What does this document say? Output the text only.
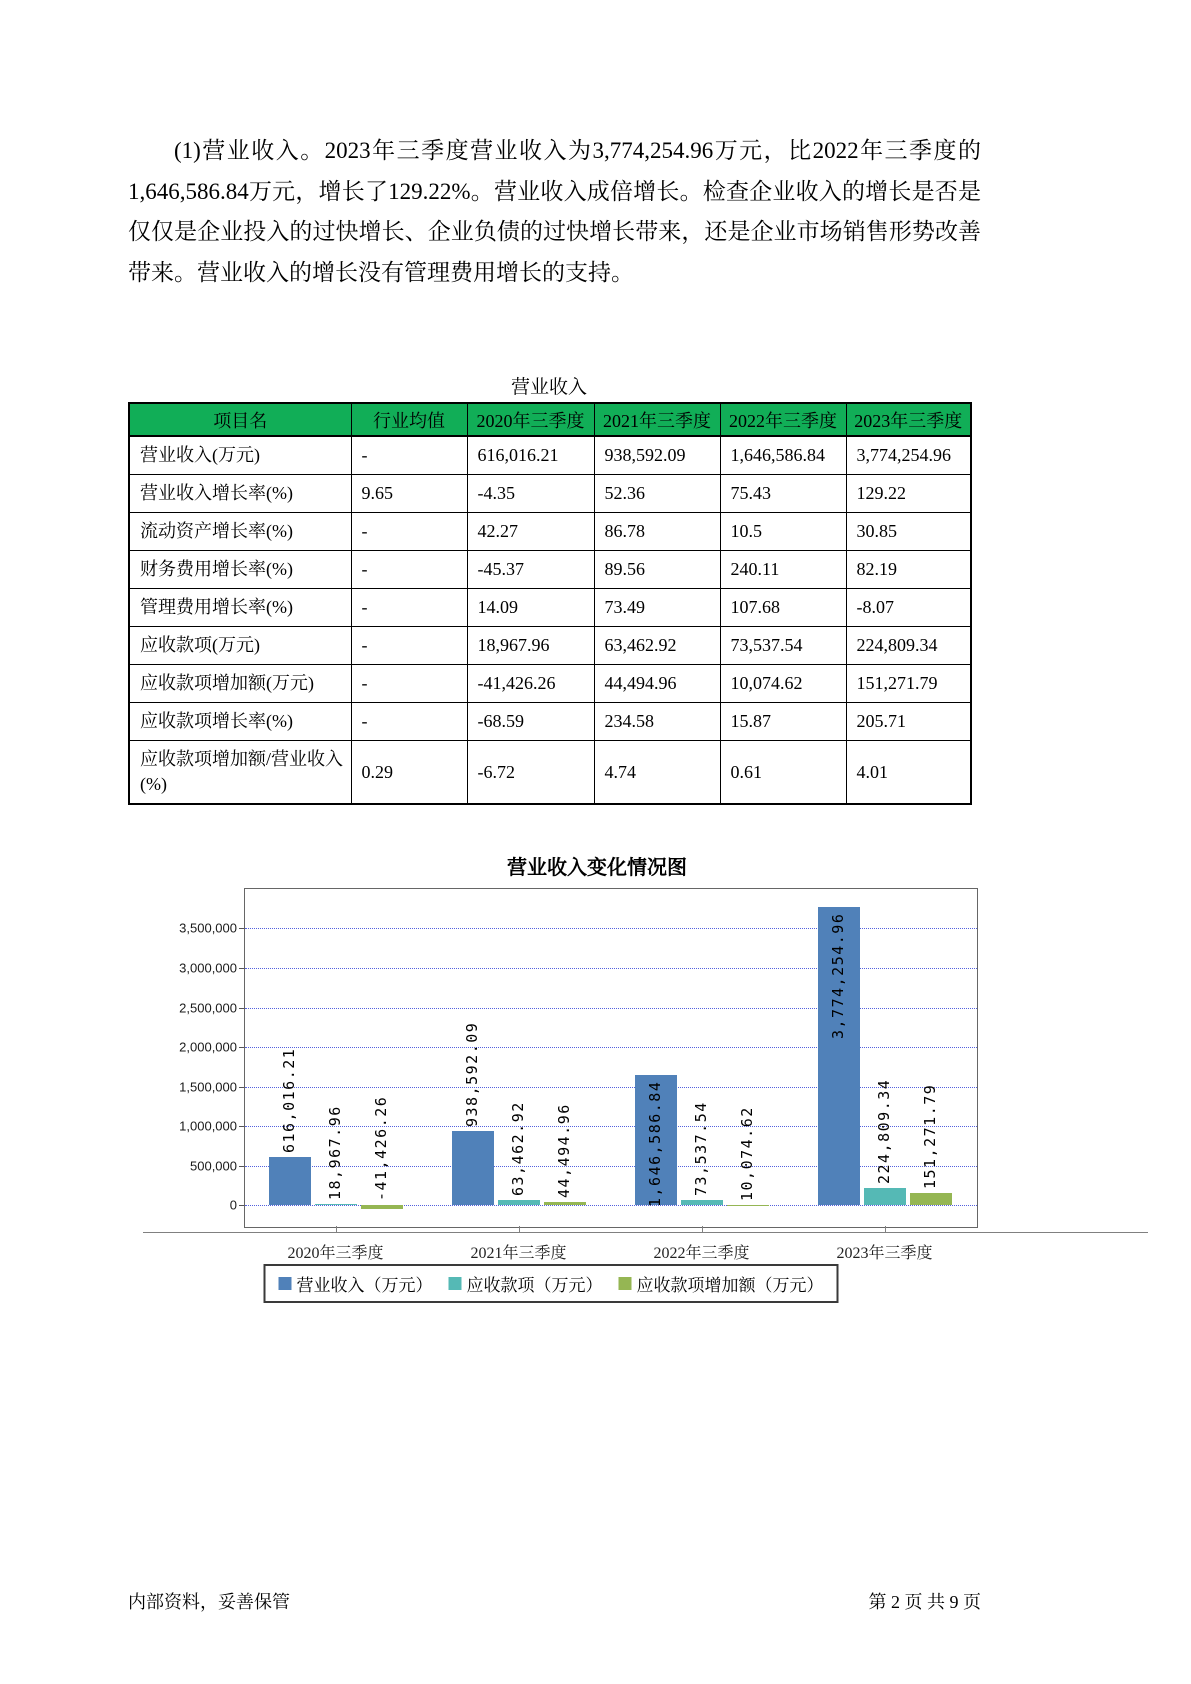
(1)营业收入。2023年三季度营业收入为3,774,254.96万元，比2022年三季度的1,646,586.84万元，增长了129.22%。营业收入成倍增长。检查企业收入的增长是否是仅仅是企业投入的过快增长、企业负债的过快增长带来，还是企业市场销售形势改善带来。营业收入的增长没有管理费用增长的支持。
营业收入
项目名	行业均值	2020年三季度	2021年三季度	2022年三季度	2023年三季度
营业收入(万元)	-	616,016.21	938,592.09	1,646,586.84	3,774,254.96
营业收入增长率(%)	9.65	-4.35	52.36	75.43	129.22
流动资产增长率(%)	-	42.27	86.78	10.5	30.85
财务费用增长率(%)	-	-45.37	89.56	240.11	82.19
管理费用增长率(%)	-	14.09	73.49	107.68	-8.07
应收款项(万元)	-	18,967.96	63,462.92	73,537.54	224,809.34
应收款项增加额(万元)	-	-41,426.26	44,494.96	10,074.62	151,271.79
应收款项增长率(%)	-	-68.59	234.58	15.87	205.71
应收款项增加额/营业收入(%)	0.29	-6.72	4.74	0.61	4.01
营业收入变化情况图
0
500,000
1,000,000
1,500,000
2,000,000
2,500,000
3,000,000
3,500,000
616,016.21 18,967.96 -41,426.26
2020年三季度
938,592.09
63,462.92 44,494.96
2021年三季度
1,646,586.84 73,537.54 10,074.62
2022年三季度
3,774,254.96
224,809.34 151,271.79
2023年三季度
营业收入（万元） 应收款项（万元） 应收款项增加额（万元）
内部资料，妥善保管	第 2 页 共 9 页
